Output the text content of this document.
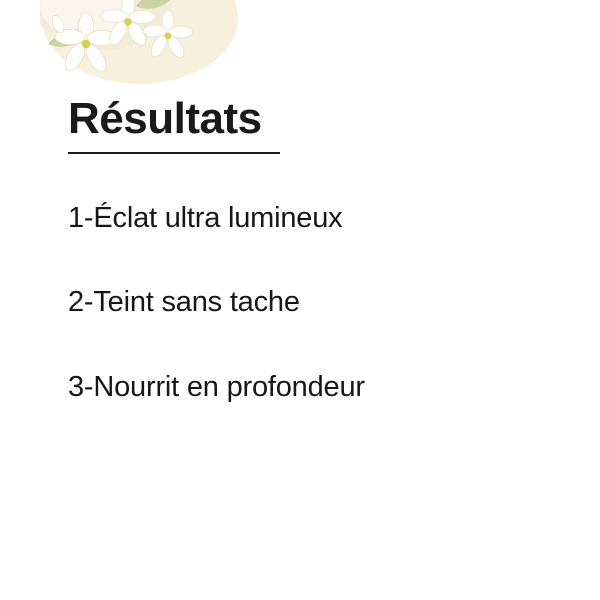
Résultats
1-Éclat ultra lumineux
2-Teint sans tache
3-Nourrit en profondeur
